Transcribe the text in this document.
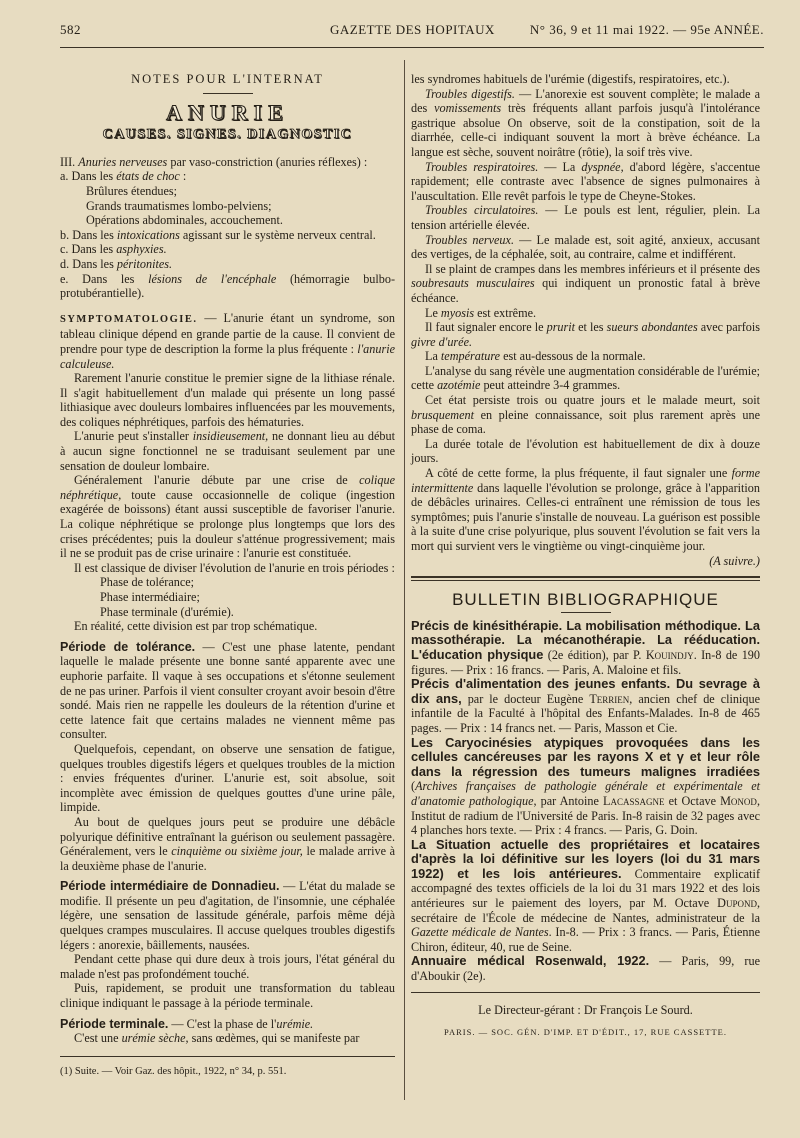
582	GAZETTE DES HOPITAUX	N° 36, 9 et 11 mai 1922. — 95e ANNÉE.
NOTES POUR L'INTERNAT
ANURIE
CAUSES. SIGNES. DIAGNOSTIC

III. Anuries nerveuses par vaso-constriction (anuries réflexes) :

a. Dans les états de choc :

Brûlures étendues;

Grands traumatismes lombo-pelviens;

Opérations abdominales, accouchement.

b. Dans les intoxications agissant sur le système nerveux central.

c. Dans les asphyxies.

d. Dans les péritonites.

e. Dans les lésions de l'encéphale (hémorragie bulbo-protubérantielle).

SYMPTOMATOLOGIE. — L'anurie étant un syndrome, son tableau clinique dépend en grande partie de la cause. Il convient de prendre pour type de description la forme la plus fréquente : l'anurie calculeuse.

Rarement l'anurie constitue le premier signe de la lithiase rénale. Il s'agit habituellement d'un malade qui présente un long passé lithiasique avec douleurs lombaires influencées par les mouvements, des coliques néphrétiques, parfois des hématuries.

L'anurie peut s'installer insidieusement, ne donnant lieu au début à aucun signe fonctionnel ne se traduisant seulement par une sensation de douleur lombaire.

Généralement l'anurie débute par une crise de colique néphrétique, toute cause occasionnelle de colique (ingestion exagérée de boissons) étant aussi susceptible de favoriser l'anurie. La colique néphrétique se prolonge plus longtemps que lors des crises précédentes; puis la douleur s'atténue progressivement; mais il ne se produit pas de crise urinaire : l'anurie est constituée.

Il est classique de diviser l'évolution de l'anurie en trois périodes :

Phase de tolérance;

Phase intermédiaire;

Phase terminale (d'urémie).

En réalité, cette division est par trop schématique.

Période de tolérance. — C'est une phase latente, pendant laquelle le malade présente une bonne santé apparente avec une euphorie parfaite. Il vaque à ses occupations et s'étonne seulement de ne pas uriner. Parfois il vient consulter croyant avoir besoin d'être sondé. Mais rien ne rappelle les douleurs de la rétention d'urine et cette latence fait que certains malades ne viennent même pas consulter.

Quelquefois, cependant, on observe une sensation de fatigue, quelques troubles digestifs légers et quelques troubles de la miction : envies fréquentes d'uriner. L'anurie est, soit absolue, soit incomplète avec émission de quelques gouttes d'une urine pâle, limpide.

Au bout de quelques jours peut se produire une débâcle polyurique définitive entraînant la guérison ou seulement passagère. Généralement, vers le cinquième ou sixième jour, le malade arrive à la deuxième phase de l'anurie.

Période intermédiaire de Donnadieu. — L'état du malade se modifie. Il présente un peu d'agitation, de l'insomnie, une céphalée légère, une sensation de lassitude générale, parfois même déjà quelques crampes musculaires. Il accuse quelques troubles digestifs légers : anorexie, bâillements, nausées.

Pendant cette phase qui dure deux à trois jours, l'état général du malade n'est pas profondément touché.

Puis, rapidement, se produit une transformation du tableau clinique indiquant le passage à la période terminale.

Période terminale. — C'est la phase de l'urémie.

C'est une urémie sèche, sans œdèmes, qui se manifeste par

(1) Suite. — Voir Gaz. des hôpit., 1922, n° 34, p. 551.

les syndromes habituels de l'urémie (digestifs, respiratoires, etc.).

Troubles digestifs. — L'anorexie est souvent complète; le malade a des vomissements très fréquents allant parfois jusqu'à l'intolérance gastrique absolue On observe, soit de la constipation, soit de la diarrhée, celle-ci indiquant souvent la mort à brève échéance. La langue est sèche, souvent noirâtre (rôtie), la soif très vive.

Troubles respiratoires. — La dyspnée, d'abord légère, s'accentue rapidement; elle contraste avec l'absence de signes pulmonaires à l'auscultation. Elle revêt parfois le type de Cheyne-Stokes.

Troubles circulatoires. — Le pouls est lent, régulier, plein. La tension artérielle élevée.

Troubles nerveux. — Le malade est, soit agité, anxieux, accusant des vertiges, de la céphalée, soit, au contraire, calme et indifférent.

Il se plaint de crampes dans les membres inférieurs et il présente des soubresauts musculaires qui indiquent un pronostic fatal à brève échéance.

Le myosis est extrême.

Il faut signaler encore le prurit et les sueurs abondantes avec parfois givre d'urée.

La température est au-dessous de la normale.

L'analyse du sang révèle une augmentation considérable de l'urémie; cette azotémie peut atteindre 3-4 grammes.

Cet état persiste trois ou quatre jours et le malade meurt, soit brusquement en pleine connaissance, soit plus rarement après une phase de coma.

La durée totale de l'évolution est habituellement de dix à douze jours.

A côté de cette forme, la plus fréquente, il faut signaler une forme intermittente dans laquelle l'évolution se prolonge, grâce à l'apparition de débâcles urinaires. Celles-ci entraînent une rémission de tous les symptômes; puis l'anurie s'installe de nouveau. La guérison est possible à la suite d'une crise polyurique, plus souvent l'évolution se fait vers la mort qui survient vers le vingtième ou vingt-cinquième jour.

(A suivre.)

BULLETIN BIBLIOGRAPHIQUE

Précis de kinésithérapie. La mobilisation méthodique. La massothérapie. La mécanothérapie. La rééducation. L'éducation physique (2e édition), par P. Kouindjy. In-8 de 190 figures. — Prix : 16 francs. — Paris, A. Maloine et fils.

Précis d'alimentation des jeunes enfants. Du sevrage à dix ans, par le docteur Eugène Terrien, ancien chef de clinique infantile de la Faculté à l'hôpital des Enfants-Malades. In-8 de 465 pages. — Prix : 14 francs net. — Paris, Masson et Cie.

Les Caryocinésies atypiques provoquées dans les cellules cancéreuses par les rayons X et γ et leur rôle dans la régression des tumeurs malignes irradiées (Archives françaises de pathologie générale et expérimentale et d'anatomie pathologique, par Antoine Lacassagne et Octave Monod, Institut de radium de l'Université de Paris. In-8 raisin de 32 pages avec 4 planches hors texte. — Prix : 4 francs. — Paris, G. Doin.

La Situation actuelle des propriétaires et locataires d'après la loi définitive sur les loyers (loi du 31 mars 1922) et les lois antérieures. Commentaire explicatif accompagné des textes officiels de la loi du 31 mars 1922 et des lois antérieures sur le paiement des loyers, par M. Octave Dupond, secrétaire de l'École de médecine de Nantes, administrateur de la Gazette médicale de Nantes. In-8. — Prix : 3 francs. — Paris, Étienne Chiron, éditeur, 40, rue de Seine.

Annuaire médical Rosenwald, 1922. — Paris, 99, rue d'Aboukir (2e).

Le Directeur-gérant : Dr François Le Sourd.
PARIS. — SOC. GÉN. D'IMP. ET D'ÉDIT., 17, RUE CASSETTE.
